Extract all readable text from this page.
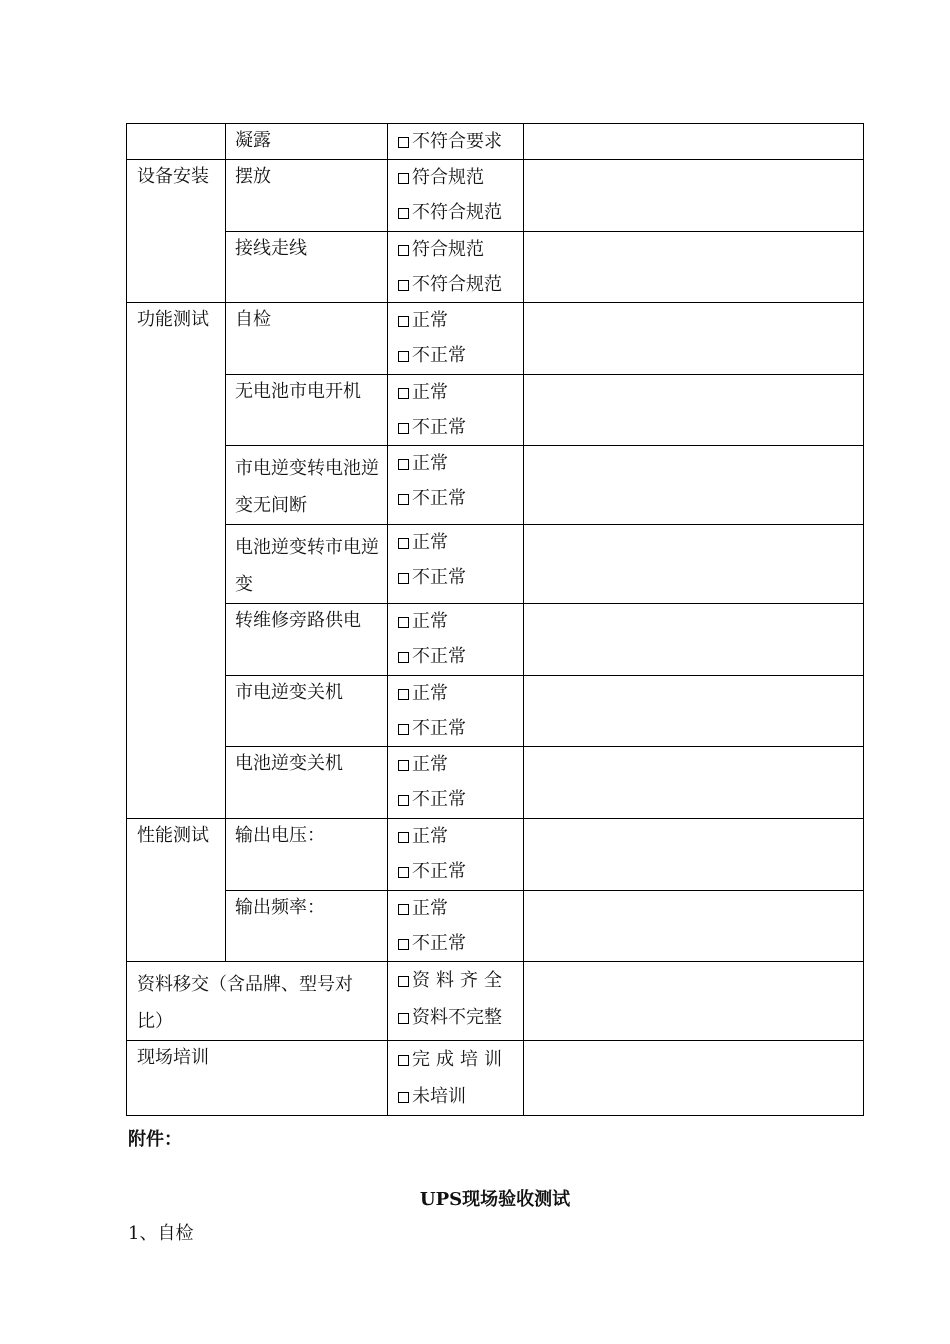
	凝露	不符合要求	

设备安装	摆放	符合规范
不符合规范	

	接线走线	符合规范
不符合规范	

功能测试	自检	正常
不正常	

	无电池市电开机	正常
不正常	

	市电逆变转电池逆变无间断	正常
不正常	

	电池逆变转市电逆变	正常
不正常	

	转维修旁路供电	正常
不正常	

	市电逆变关机	正常
不正常	

	电池逆变关机	正常
不正常	

性能测试	输出电压：	正常
不正常	

	输出频率：	正常
不正常	

资料移交（含品牌、型号对比）		资料齐全
资料不完整	

现场培训		完成培训
未培训	

附件：
UPS现场验收测试
1、自检
